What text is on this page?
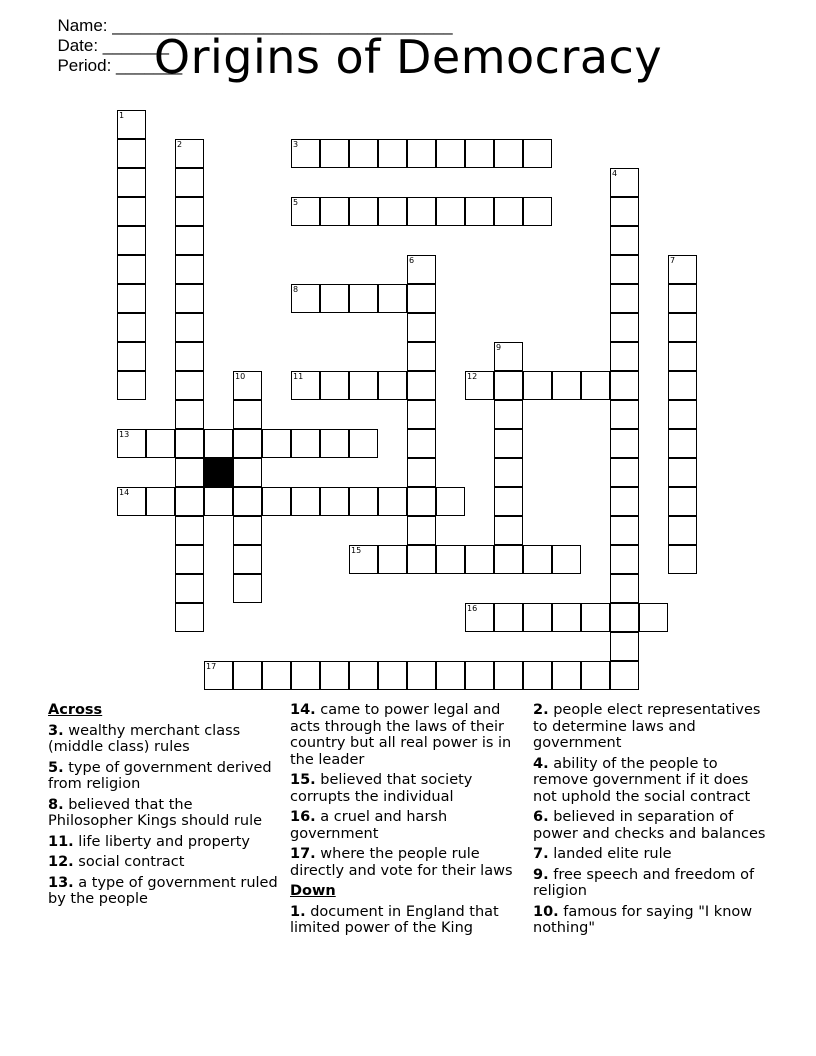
Name: ____________________________________
Date: _______
Period: _______

Origins of Democracy
1
2	3
4
5
6	7
8
9
10	11	12
13
14
15
16
17
Across
3. wealthy merchant class (middle class) rules
5. type of government derived from religion
8. believed that the Philosopher Kings should rule
11. life liberty and property
12. social contract
13. a type of government ruled by the people
14. came to power legal and acts through the laws of their country but all real power is in the leader
15. believed that society corrupts the individual
16. a cruel and harsh government
17. where the people rule directly and vote for their laws
Down
1. document in England that limited power of the King
2. people elect representatives to determine laws and government
4. ability of the people to remove government if it does not uphold the social contract
6. believed in separation of power and checks and balances
7. landed elite rule
9. free speech and freedom of religion
10. famous for saying "I know nothing"
